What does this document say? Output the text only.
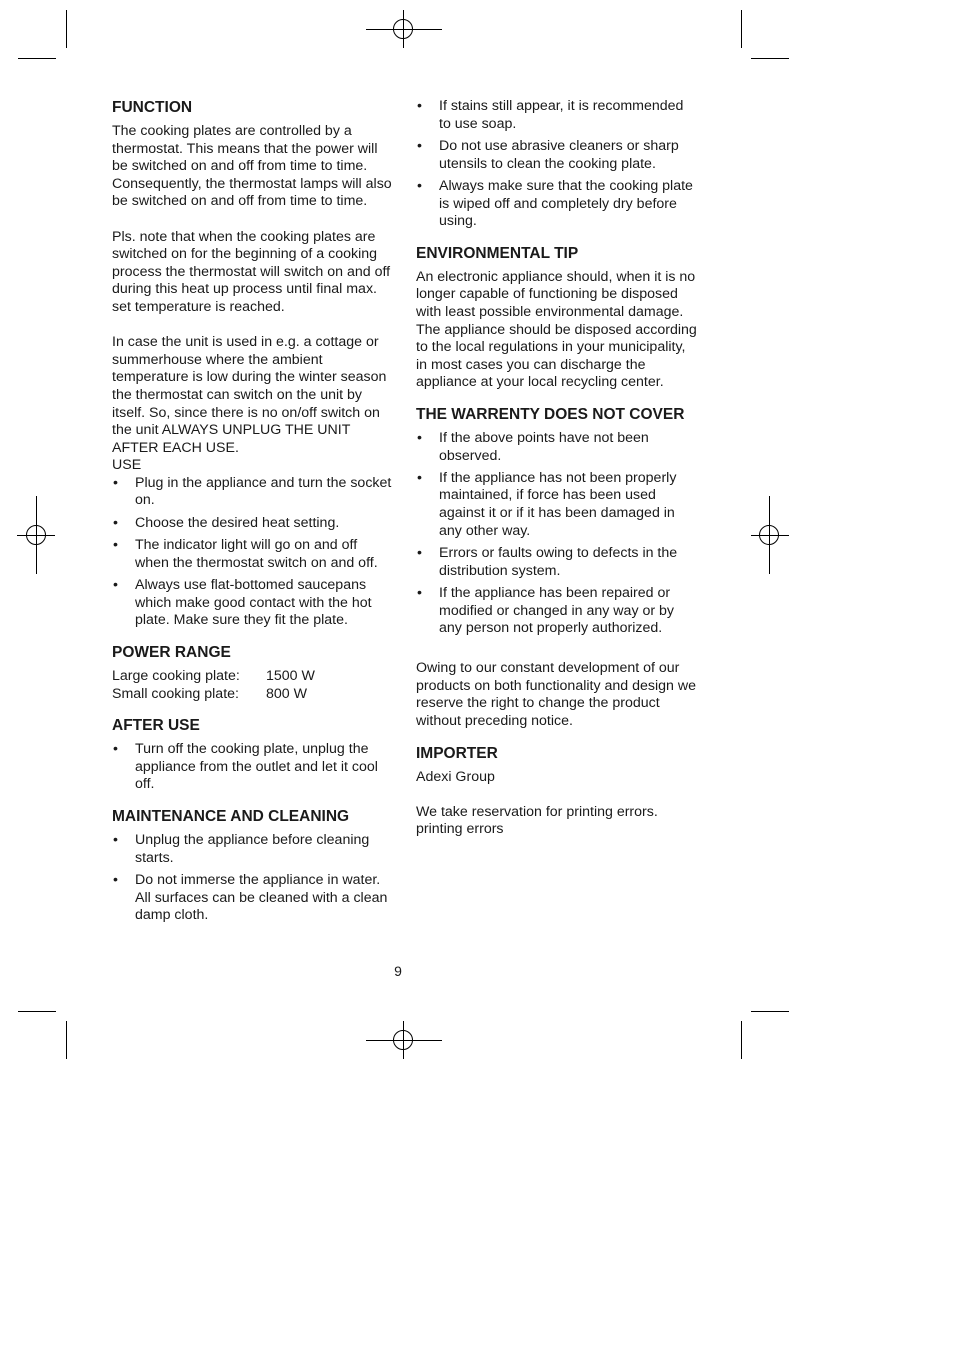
FUNCTION

The cooking plates are controlled by a thermostat. This means that the power will be switched on and off from time to time. Consequently, the thermostat lamps will also be switched on and off from time to time.

Pls. note that when the cooking plates are switched on for the beginning of a cooking process the thermostat will switch on and off during this heat up process until final max. set temperature is reached.

In case the unit is used in e.g. a cottage or summerhouse where the ambient temperature is low during the winter season the thermostat can switch on the unit by itself. So, since there is no on/off switch on the unit ALWAYS UNPLUG THE UNIT AFTER EACH USE.

USE

• Plug in the appliance and turn the socket on.
• Choose the desired heat setting.
• The indicator light will go on and off when the thermostat switch on and off.
• Always use flat-bottomed saucepans which make good contact with the hot plate. Make sure they fit the plate.
POWER RANGE
Large cooking plate:	1500 W
Small cooking plate:	800 W
AFTER USE
• Turn off the cooking plate, unplug the appliance from the outlet and let it cool off.
MAINTENANCE AND CLEANING
• Unplug the appliance before cleaning starts.
• Do not immerse the appliance in water. All surfaces can be cleaned with a clean damp cloth.
• If stains still appear, it is recommended to use soap.
• Do not use abrasive cleaners or sharp utensils to clean the cooking plate.
• Always make sure that the cooking plate is wiped off and completely dry before using.
ENVIRONMENTAL TIP

An electronic appliance should, when it is no longer capable of functioning be disposed with least possible environmental damage. The appliance should be disposed according to the local regulations in your municipality, in most cases you can discharge the appliance at your local recycling center.

THE WARRENTY DOES NOT COVER
• If the above points have not been observed.
• If the appliance has not been properly maintained, if force has been used against it or if it has been damaged in any other way.
• Errors or faults owing to defects in the distribution system.
• If the appliance has been repaired or modified or changed in any way or by any person not properly authorized.

Owing to our constant development of our products on both functionality and design we reserve the right to change the product without preceding notice.

IMPORTER

Adexi Group

We take reservation for printing errors.

printing errors

9
